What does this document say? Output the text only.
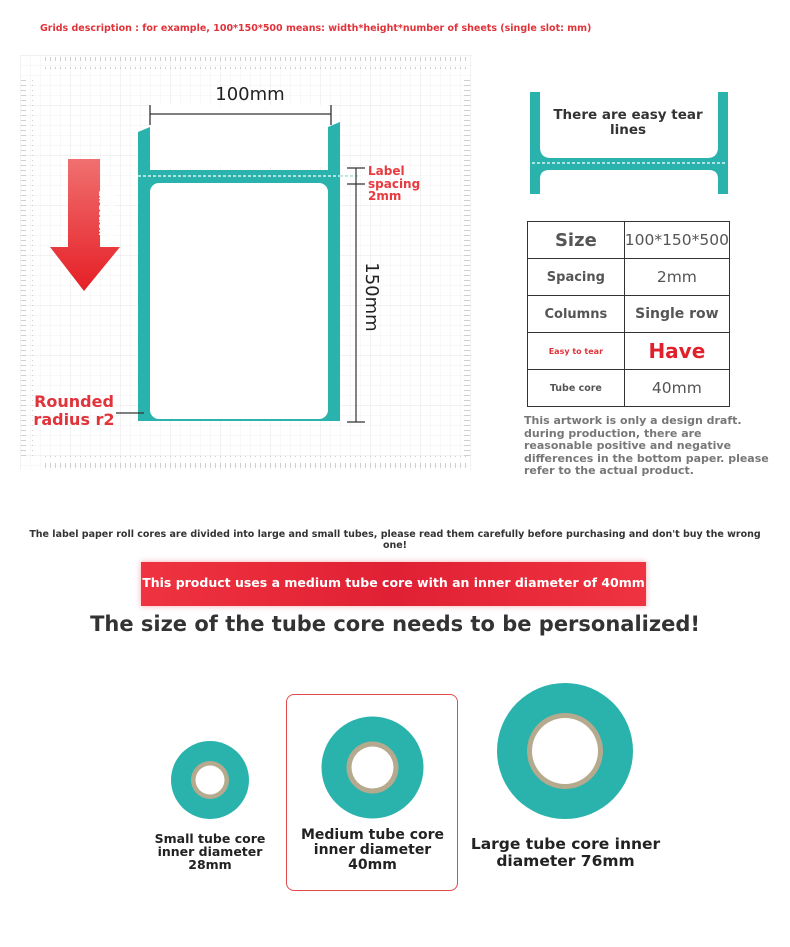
Grids description : for example, 100*150*500 means: width*height*number of sheets (single slot: mm)
100mm
150mm
Paper outlet direction
Label
spacing
2mm
Rounded
radius r2
There are easy tear
lines
Size	100*150*500
Spacing	2mm
Columns	Single row
Easy to tear	Have
Tube core	40mm
This artwork is only a design draft. during production, there are reasonable positive and negative differences in the bottom paper. please refer to the actual product.
The label paper roll cores are divided into large and small tubes, please read them carefully before purchasing and don't buy the wrong one!
This product uses a medium tube core with an inner diameter of 40mm
The size of the tube core needs to be personalized!
Small tube core
inner diameter
28mm
Medium tube core
inner diameter
40mm
Large tube core inner
diameter 76mm
